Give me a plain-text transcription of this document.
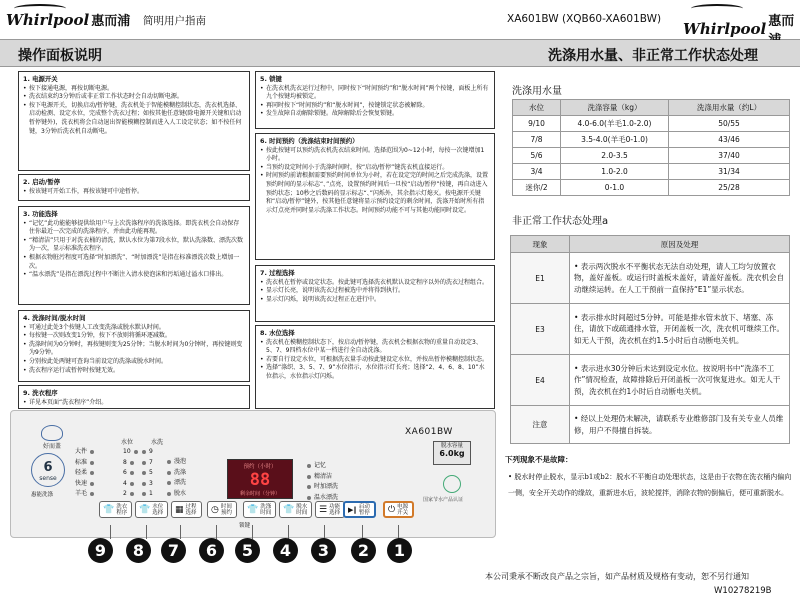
Whirlpool 惠而浦 简明用户指南	XA601BW (XQB60-XA601BW)
Whirlpool 惠而
操作面板说明	洗涤用水量、非正常工作状态处理
1. 电源开关
• 按下接通电源，再按切断电源。
• 洗衣结束约3分钟后或非正常工作状态时会自动切断电源。
• 按下电源开关，切换启动/暂停键，洗衣机处于智能模糊控制状态，洗衣机选择、启动检测、设定水位，完成整个洗衣过程；如按其他任意键(除电源开关键和启动暂停键外)，洗衣机将会自动退出智能模糊控制而进入人工设定状态；如不按任何键，3分钟后洗衣机自动断电。
2. 启动/暂停
• 按该键可开始工作，再按该键可中途暂停。
3. 功能选择
• “记忆”此功能能够提供给用户与上次洗涤程序的洗涤选择。即洗衣机会自动保存住你最近一次完成的洗涤程序，并由此功能再现。
• “精清洁”只用于对洗衣桶的清洗，默认水位为第7段水位，默认洗涤数、漂洗次数为一次，显示标准洗衣程序。
• 根据衣物脏污程度可选择“时加漂洗”、“时加漂洗”是指在标准漂洗次数上增加一次。
• “温水漂洗”是指在漂洗过程中不断注入清水使泡沫和污垢通过溢水口排出。
4. 洗涤时间/脱水时间
• 可通过此处3个按键人工改变洗涤或脱水默认时间。
• 每按键一次则改变1分钟，按下不放则将循环逐减数。
• 洗涤时间为0分钟时，再按键则变为25分钟；当脱水时间为0分钟时，再按键则变为9分钟。
• 分别按此处两键可查询当前设定的洗涤或脱水时间。
• 洗衣程序运行或暂停时按键无效。
9. 洗衣程序
• 详见本页面“洗衣程序”介绍。
5. 锁键
• 在洗衣机洗衣运行过程中，同时按下“时间预约”和“脱水时间”两个按键，面板上所有九个按键均被锁定。
• 再同时按下“时间预约”和“脱水时间”，按键锁定状态被解除。
• 发生故障自动解除锁键。故障解除后会恢复锁键。
6. 时间预约（洗涤结束时间预约）
• 按此按键可以预约洗衣机洗衣结束时间。选择范围为0~12小时，每按一次键增加1小时。
• 当预约设定时间小于洗涤时间时，按“启动/暂停”键洗衣机直接运行。
• 时间预约前请根据需要预约时间单位为小时，若在设定完的时间之后完成洗涤，设置预约时间的显示标志“、”点亮，设置预约时间后一旦按“启动/暂停”按键，再自动进入预约状态；10秒之后数码的显示标志“、”闪烁外，其余指示灯熄灭。按电源开关键和“启动/暂停”键外，按其他任意键将显示预约设定的剩余时间，洗涤开始时所有指示灯点亮并同时显示洗涤工作状态。时间预约功能不可与其他功能同时设定。
7. 过程选择
• 洗衣机在暂停或设定状态。按此键可选择洗衣机默认设定程序以外的洗衣过程组合。
• 显示灯长亮，说明该洗衣过程被选中并将得到执行。
• 显示灯闪烁，说明该洗衣过程正在进行中。
8. 水位选择
• 洗衣机在模糊控制状态下，按启动/暂停键，洗衣机会根据衣物的重量自动设定3、5、7、9四档水位中某一档进行全自动洗涤。
• 若要自行设定水位，可根据洗衣量手动按此键设定水位，并按出暂停模糊控制状态。
• 选择“涤织、3、5、7、9”水位指示，水位指示灯长亮；选择“2、4、6、8、10”水位指示，水位指示灯闪烁。
好而盖
6
sense
惠能洗涤
水位	水洗
大件
标准
轻柔
快速
羊毛
10
8
6
4
2
9
7
5
3
1
漫泡
洗涤
漂洗
脱水
预约（小时）
88
剩余时间（分钟）
记忆
精清洁
时加漂洗
温水漂洗
XA601BW
脱水容量
6.0kg
国家节水产品认证
锁键
👕 洗衣程序 👕 水位选择 ▦ 过程选择 ◷ 时间预约 👕 洗涤时间 👕 脱水时间 ☰ 功能选择 ▶‖ 启动暂停 ⏻ 电源开关
9	8	7	6	5	4	3	2	1
洗涤用水量
水位	洗涤容量（kg）	洗涤用水量（约L）
9/10	4.0-6.0(羊毛1.0-2.0)	50/55
7/8	3.5-4.0(羊毛0-1.0)	43/46
5/6	2.0-3.5	37/40
3/4	1.0-2.0	31/34
迷你/2	0-1.0	25/28
非正常工作状态处理a
现象	原因及处理
E1	• 表示两次脱水不平衡状态无法自动处理，请人工均匀放置衣物，盖好盖板。或运行时盖板未盖好，请盖好盖板。洗衣机会自动继续运转。在人工干预前一直保持“E1”显示状态。
E3	• 表示排水时间超过5分钟。可能是排水管未放下、堵塞、冻住，请放下或疏通排水管，开闭盖板一次，洗衣机可继续工作。如无人干预，洗衣机在约1.5小时后自动断电关机。
E4	• 表示进水30分钟后未达到设定水位。按说明书中“洗涤不工作”情况检查，故障排除后开闭盖板一次可恢复进水。如无人干预，洗衣机在约1小时后自动断电关机。
注意	• 经以上处理仍未解决，请联系专业维修部门及有关专业人员维修，用户不得擅自拆装。
下列现象不是故障：
• 脱水时停止脱水，显示b1或b2：脱水不平衡自动处理状态，这是由于衣物在洗衣桶内偏向一侧，安全开关动作的缘故，重新进水后，波轮搅拌，消除衣物的倒偏后，便可重新脱水。
本公司秉承不断改良产品之宗旨，如产品材质及规格有变动，恕不另行通知
W10278219B
